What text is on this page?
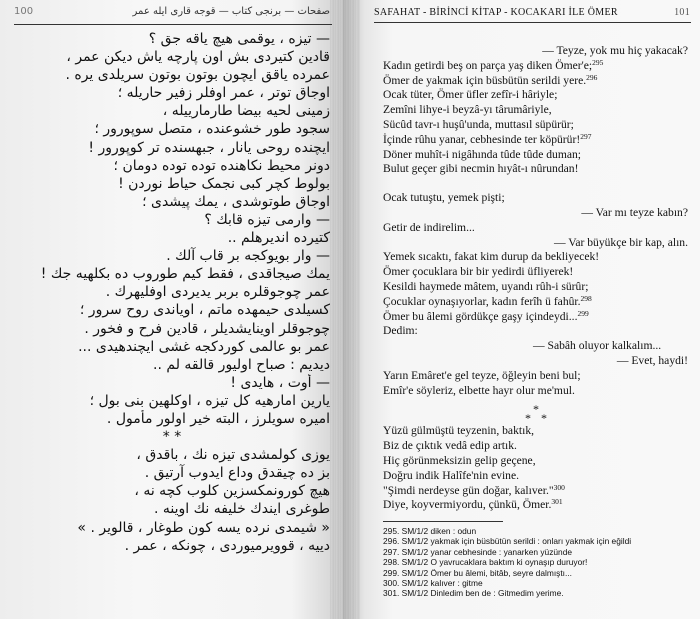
100	صفحات — برنجی کتاب — قوجه قاری ایله عمر
— تیزه ، یوقمی هیچ یاقه جق ؟
قادین کتیردی بش اون پارچه یاش دیکن عمر ،
عمرده یاقق ایچون بوتون بوتون سریلدی یره .
اوجاق توتر ، عمر اوفلر زفیر حاریله ؛
زمینی لحیه بیضا طارمارییله ،
سجود طور خشوعنده ، متصل سوپورور ؛
ایچنده روحی یانار ، جبهسنده تر کوپورور !
دونر محیط نکاهنده توده توده دومان ؛
بولوط کچر کبی نجمک حیاط نوردن !
اوجاق طوتوشدی ، یمك پیشدی ؛
— وارمی تیزه قابك ؟
کتیرده اندیرهلم ..
— وار بویوکجه بر قاب آلك .
یمك صیجاقدی ، فقط کیم طوروب ده بکلهیه جك !
عمر چوجوقلره بربر یدیردی اوفلیهرك .
کسیلدی حیمهده ماتم ، اویاندی روح سرور ؛
چوجوقلر اوینایشدیلر ، قادین فرح و فخور .
عمر بو عالمی کوردکجه غشی ایچندهیدی ...
دیدیم : صباح اولیور قالقه لم ..
— أوت ، هایدی !
یارین امارهیه کل تیزه ، اوکلهین بنی بول ؛
امیره سویلرز ، البته خیر اولور مأمول .
* *
یوزی کولمشدی تیزه نك ، باقدق ،
بز ده چیقدق وداع ایدوب آرتیق .
هیچ کورونمکسزین کلوب کچه نه ،
طوغری ایندك خلیفه نك اوینه .
« شیمدی نرده یسه کون طوغار ، قالویر . »
دییه ، قوویرمیوردی ، چونکه ، عمر .
SAFAHAT - BİRİNCİ KİTAP - KOCAKARI İLE ÖMER	101
— Teyze, yok mu hiç yakacak?
Kadın getirdi beş on parça yaş diken Ömer'e;$^{295}$
Ömer de yakmak için büsbütün serildi yere.$^{296}$
Ocak tüter, Ömer üfler zefîr-i hâriyle;
Zemîni lihye-i beyzâ-yı târumâriyle,
Sücûd tavr-ı huşû'unda, muttasıl süpürür;
İçinde rûhu yanar, cebhesinde ter köpürür!$^{297}$
Döner muhît-i nigâhında tûde tûde duman;
Bulut geçer gibi necmin hıyât-ı nûrundan!
Ocak tutuştu, yemek pişti;
— Var mı teyze kabın?
Getir de indirelim...
— Var büyükçe bir kap, alın.
Yemek sıcaktı, fakat kim durup da bekliyecek!
Ömer çocuklara bir bir yedirdi üfliyerek!
Kesildi haymede mâtem, uyandı rûh-i sürûr;
Çocuklar oynaşıyorlar, kadın ferîh ü fahûr.$^{298}$
Ömer bu âlemi gördükçe gaşy içindeydi...$^{299}$
Dedim:
— Sabâh oluyor kalkalım...
— Evet, haydi!
Yarın Emâret'e gel teyze, öğleyin beni bul;
Emîr'e söyleriz, elbette hayr olur me'mul.
*
* *
Yüzü gülmüştü teyzenin, baktık,
Biz de çıktık vedâ edip artık.
Hiç görünmeksizin gelip geçene,
Doğru indik Halîfe'nin evine.
"Şimdi nerdeyse gün doğar, kalıver."$^{300}$
Diye, koyvermiyordu, çünkü, Ömer.$^{301}$
295. SM/1/2 diken : odun
296. SM/1/2 yakmak için büsbütün serildi : onları yakmak için eğildi
297. SM/1/2 yanar cebhesinde : yanarken yüzünde
298. SM/1/2 O yavrucaklara baktım ki oynaşıp duruyor!
299. SM/1/2 Ömer bu âlemi, bitâb, seyre dalmıştı...
300. SM/1/2 kalıver : gitme
301. SM/1/2 Dinledim ben de : Gitmedim yerime.
